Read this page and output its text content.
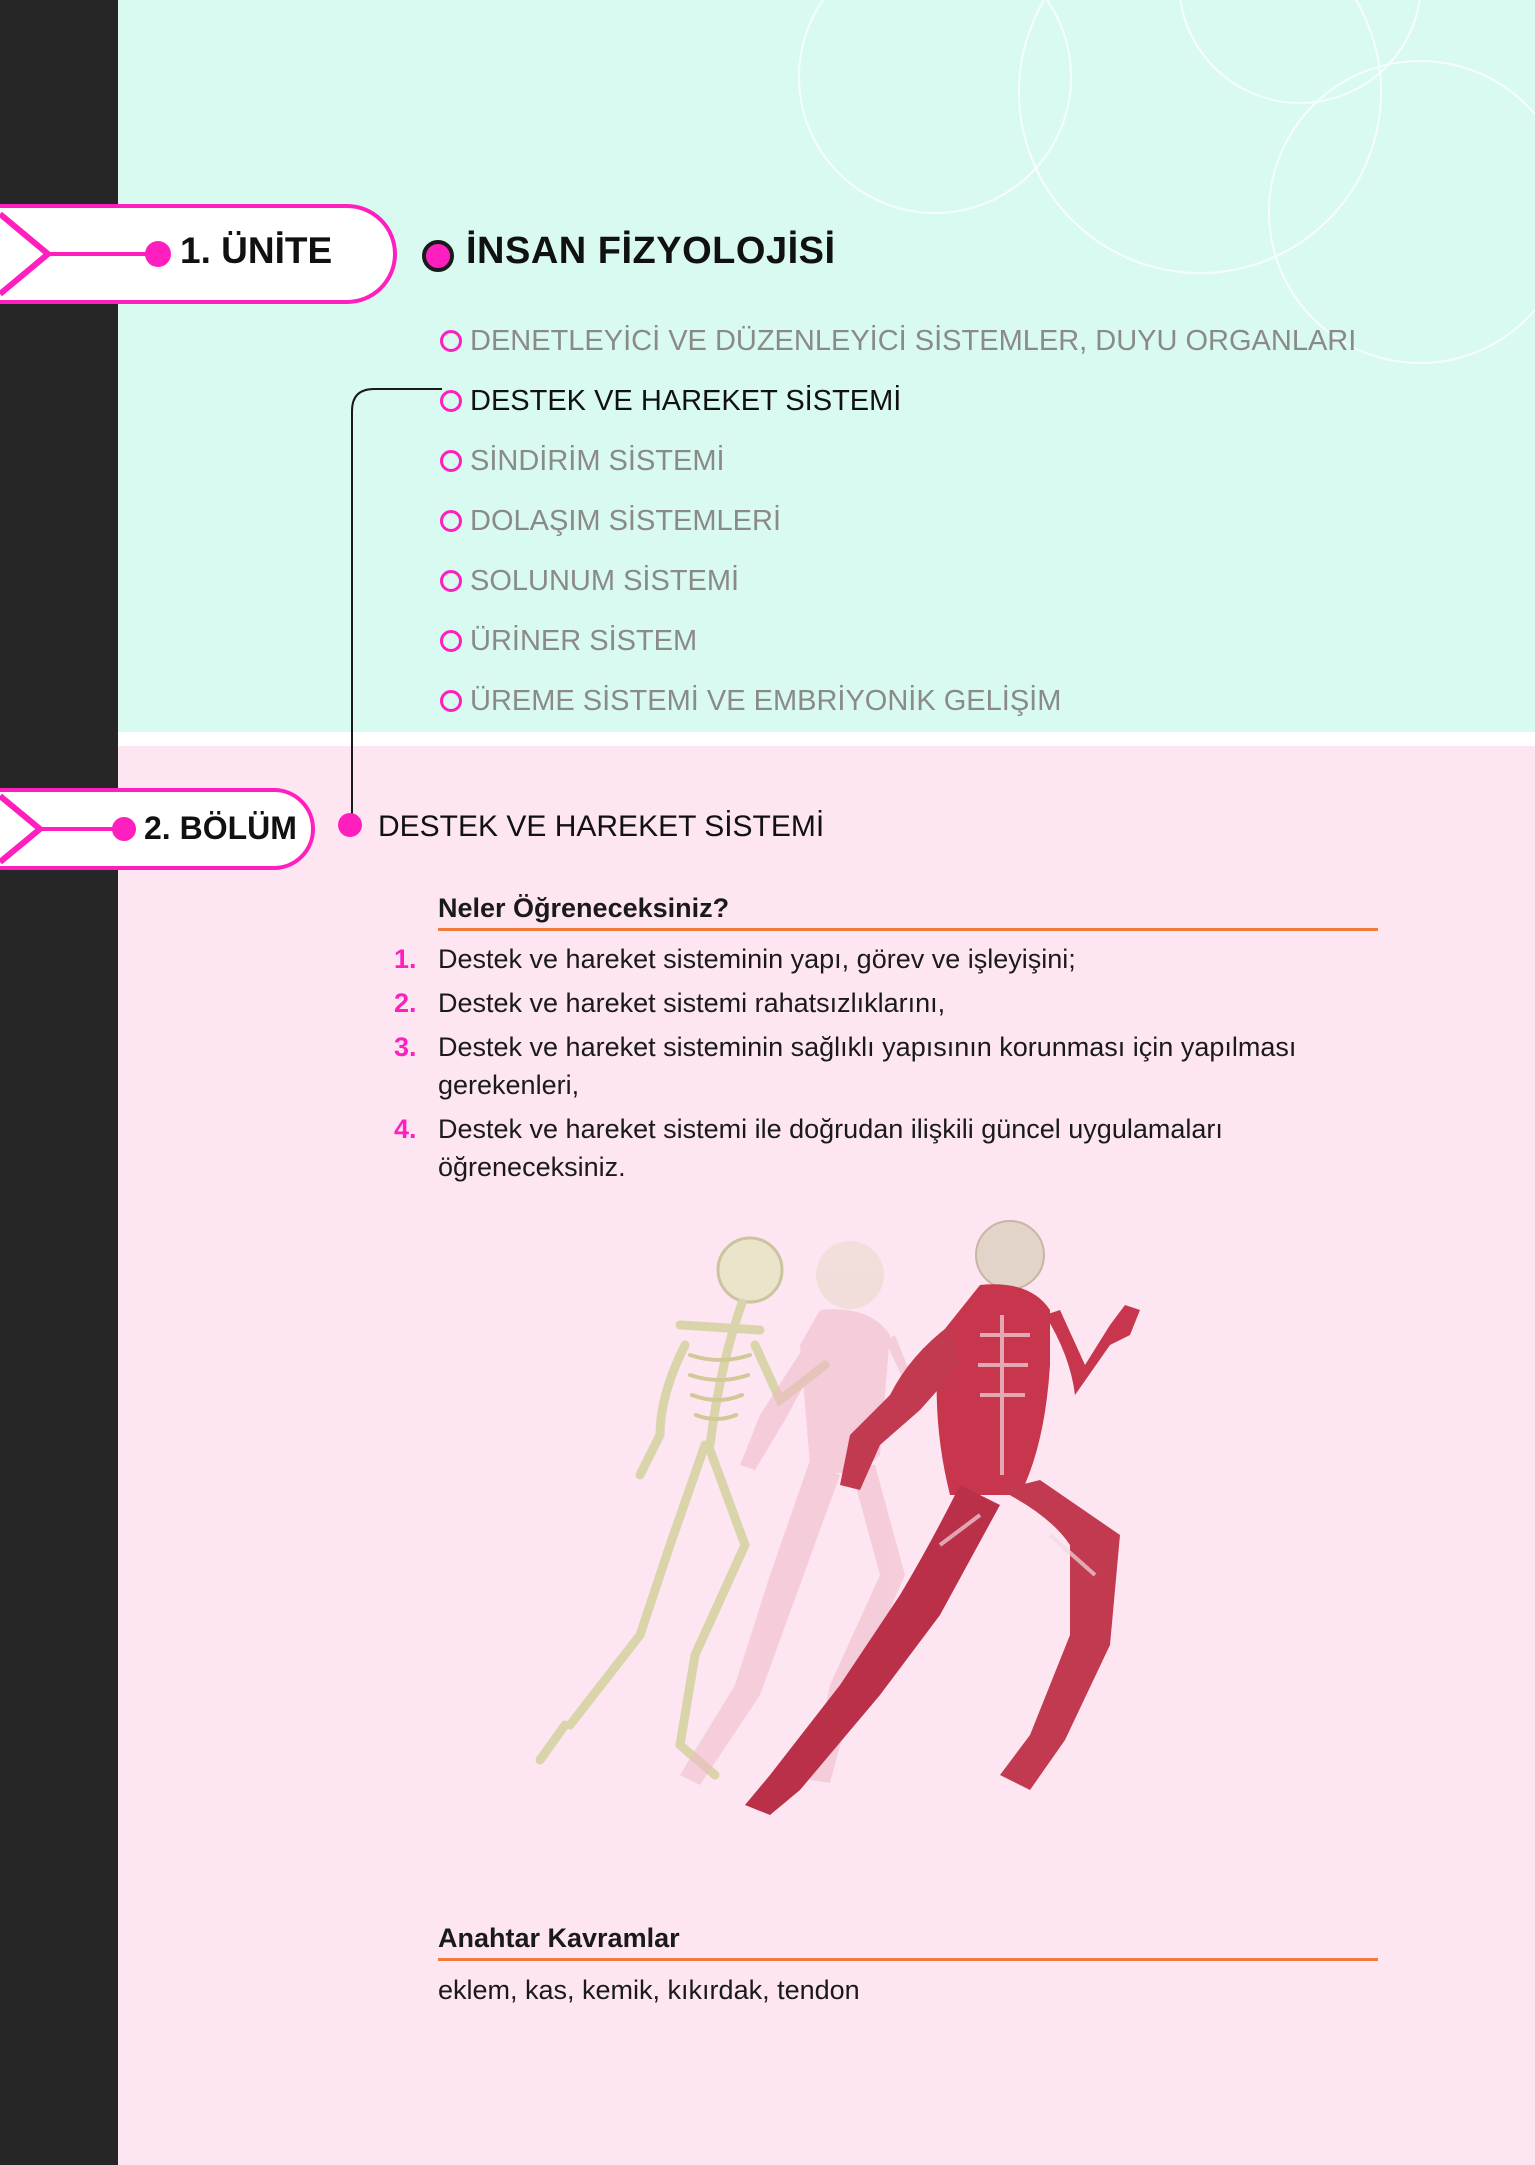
1. ÜNİTE	İNSAN FİZYOLOJİSİ
DENETLEYİCİ VE DÜZENLEYİCİ SİSTEMLER, DUYU ORGANLARI
DESTEK VE HAREKET SİSTEMİ
SİNDİRİM SİSTEMİ
DOLAŞIM SİSTEMLERİ
SOLUNUM SİSTEMİ
ÜRİNER SİSTEM
ÜREME SİSTEMİ VE EMBRİYONİK GELİŞİM
2. BÖLÜM	DESTEK VE HAREKET SİSTEMİ
Neler Öğreneceksiniz?
1. Destek ve hareket sisteminin yapı, görev ve işleyişini;
2. Destek ve hareket sistemi rahatsızlıklarını,
3. Destek ve hareket sisteminin sağlıklı yapısının korunması için yapılması gerekenleri,
4. Destek ve hareket sistemi ile doğrudan ilişkili güncel uygulamaları öğreneceksiniz.
Anahtar Kavramlar
eklem, kas, kemik, kıkırdak, tendon
